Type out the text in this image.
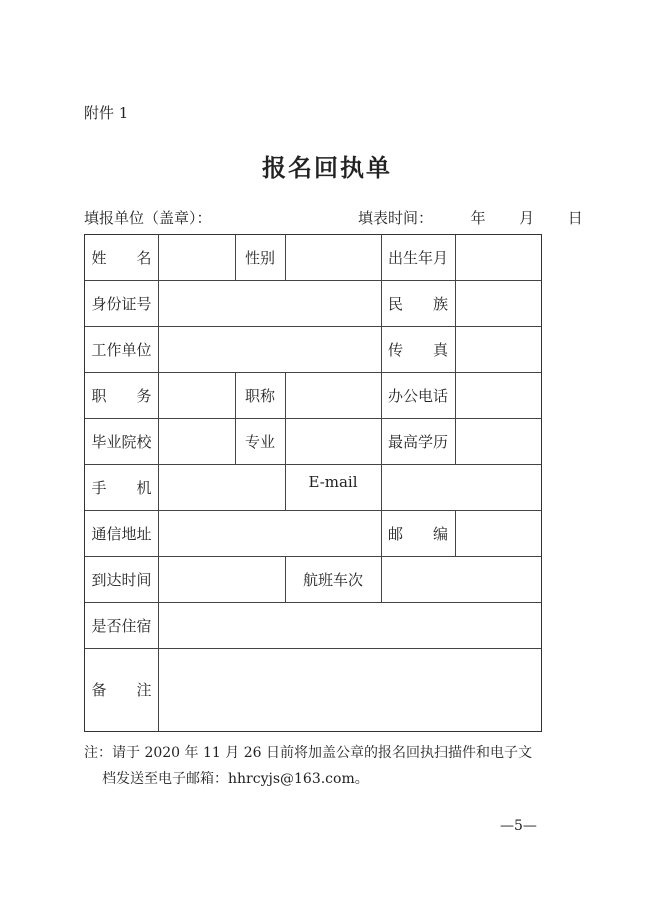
附件 1
报名回执单
填报单位（盖章）：	填表时间：	年 月 日
姓　　名	性别	出生年月
身份证号	民　　族
工作单位	传　　真
职　　务	职称	办公电话
毕业院校	专业	最高学历
手　　机	E-mail
通信地址	邮　　编
到达时间	航班车次
是否住宿
备　　注
注：请于 2020 年 11 月 26 日前将加盖公章的报名回执扫描件和电子文
档发送至电子邮箱：hhrcyjs@163.com。
—5—
